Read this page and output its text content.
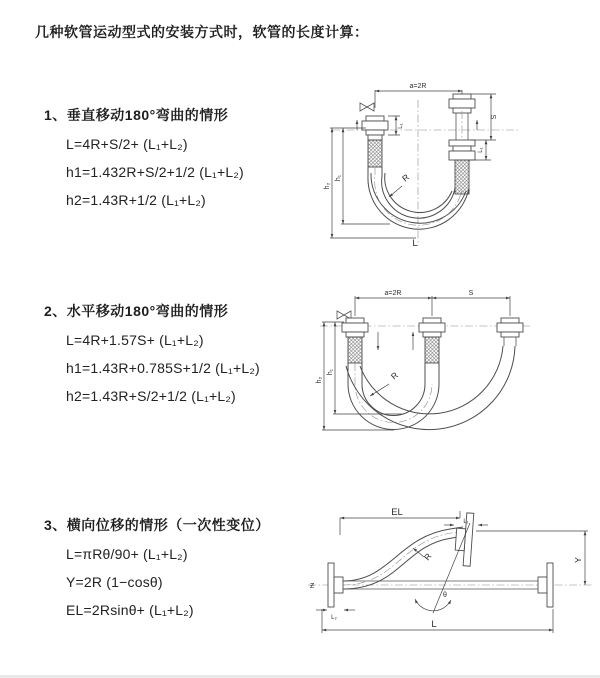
几种软管运动型式的安装方式时，软管的长度计算：
1、垂直移动180°弯曲的情形
L=4R+S/2+ (L₁+L₂)
h1=1.432R+S/2+1/2 (L₁+L₂)
h2=1.43R+1/2 (L₁+L₂)
a=2R
h₂
h₁	R
S
L₁
L₁
L
2、水平移动180°弯曲的情形
L=4R+1.57S+ (L₁+L₂)
h1=1.43R+0.785S+1/2 (L₁+L₂)
h2=1.43R+S/2+1/2 (L₁+L₂)
a=2R	S
h₂
h₁	R
3、横向位移的情形（一次性变位）
L=πRθ/90+ (L₁+L₂)
Y=2R (1−cosθ)
EL=2Rsinθ+ (L₁+L₂)
Ƶ
EL
L₁
Y
R
θ
L₂
L
